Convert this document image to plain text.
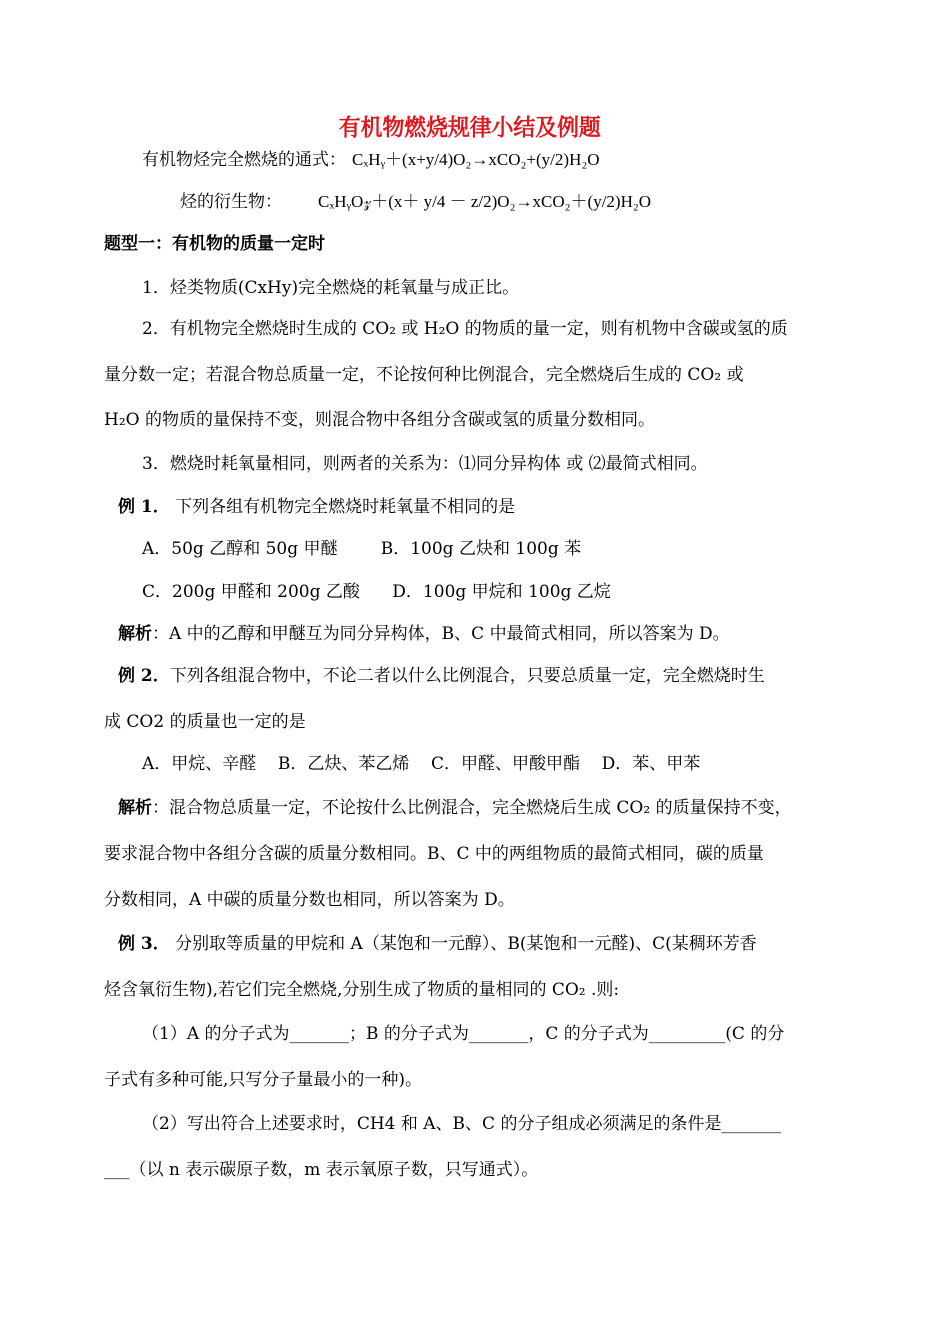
有机物燃烧规律小结及例题
有机物烃完全燃烧的通式： CₓHᵧ＋(x+y/4)O₂→xCO₂+(y/2)H₂O
烃的衍生物： CₓHᵧO𝓏＋(x＋ y/4 － z/2)O₂→xCO₂＋(y/2)H₂O
题型一：有机物的质量一定时
1．烃类物质(CxHy)完全燃烧的耗氧量与成正比。
2．有机物完全燃烧时生成的 CO₂ 或 H₂O 的物质的量一定，则有机物中含碳或氢的质
量分数一定；若混合物总质量一定，不论按何种比例混合，完全燃烧后生成的 CO₂ 或
H₂O 的物质的量保持不变，则混合物中各组分含碳或氢的质量分数相同。
3．燃烧时耗氧量相同，则两者的关系为：⑴同分异构体 或 ⑵最简式相同。
例 1． 下列各组有机物完全燃烧时耗氧量不相同的是
A．50g 乙醇和 50g 甲醚        B．100g 乙炔和 100g 苯
C．200g 甲醛和 200g 乙酸      D．100g 甲烷和 100g 乙烷
解析：A 中的乙醇和甲醚互为同分异构体，B、C 中最简式相同，所以答案为 D。
例 2．下列各组混合物中，不论二者以什么比例混合，只要总质量一定，完全燃烧时生
成 CO2 的质量也一定的是
A．甲烷、辛醛    B．乙炔、苯乙烯    C．甲醛、甲酸甲酯    D．苯、甲苯
解析：混合物总质量一定，不论按什么比例混合，完全燃烧后生成 CO₂ 的质量保持不变，
要求混合物中各组分含碳的质量分数相同。B、C 中的两组物质的最简式相同，碳的质量
分数相同，A 中碳的质量分数也相同，所以答案为 D。
例 3． 分别取等质量的甲烷和 A（某饱和一元醇）、B(某饱和一元醛)、C(某稠环芳香
烃含氧衍生物),若它们完全燃烧,分别生成了物质的量相同的 CO₂ .则:
（1）A 的分子式为_______；B 的分子式为_______，C 的分子式为_________(C 的分
子式有多种可能,只写分子量最小的一种)。
（2）写出符合上述要求时，CH4 和 A、B、C 的分子组成必须满足的条件是_______
___（以 n 表示碳原子数，m 表示氧原子数，只写通式）。
